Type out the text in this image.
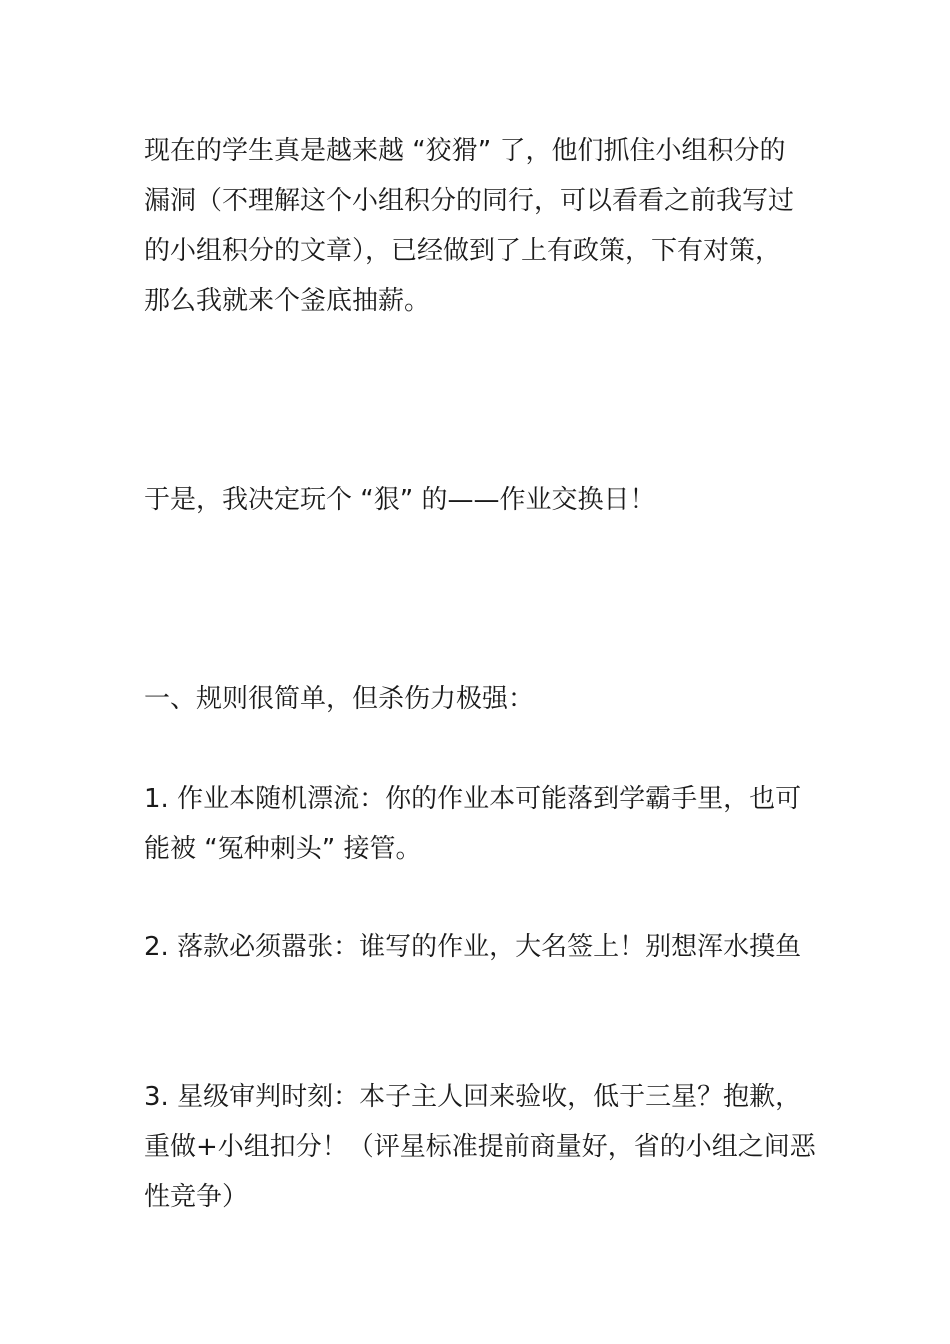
现在的学生真是越来越 “狡猾” 了，他们抓住小组积分的
漏洞（不理解这个小组积分的同行，可以看看之前我写过
的小组积分的文章），已经做到了上有政策，下有对策，
那么我就来个釜底抽薪。

于是，我决定玩个 “狠” 的——作业交换日！

一、规则很简单，但杀伤力极强：

1. 作业本随机漂流：你的作业本可能落到学霸手里，也可
能被 “冤种刺头” 接管。

2. 落款必须嚣张：谁写的作业，大名签上！别想浑水摸鱼

3. 星级审判时刻：本子主人回来验收，低于三星？抱歉，
重做+小组扣分！（评星标准提前商量好，省的小组之间恶
性竞争）
